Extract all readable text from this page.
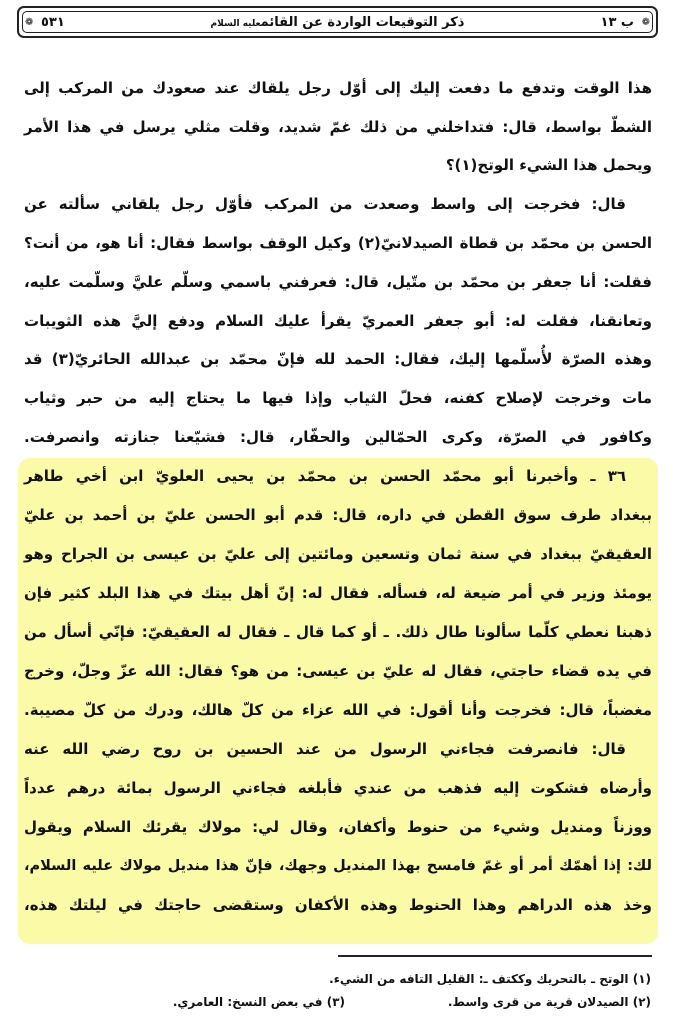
❁
❁	ب ١٣
ذكر التوقيعات الواردة عن القائمعليه السلام
٥٣١
هذا الوقت وتدفع ما دفعت إليك إلى أوّل رجل يلقاك عند صعودك من المركب إلى
الشطّ بواسط، قال: فتداخلني من ذلك غمّ شديد، وقلت مثلي يرسل في هذا الأمر
ويحمل هذا الشيء الوتح(١)؟
قال: فخرجت إلى واسط وصعدت من المركب فأوّل رجل يلقاني سألته عن
الحسن بن محمّد بن قطاة الصيدلانيّ(٢) وكيل الوقف بواسط فقال: أنا هو، من أنت؟
فقلت: أنا جعفر بن محمّد بن متّيل، قال: فعرفني باسمي وسلّم عليَّ وسلّمت عليه،
وتعانقنا، فقلت له: أبو جعفر العمريّ يقرأ عليك السلام ودفع إليَّ هذه الثويبات
وهذه الصرّة لأُسلّمها إليك، فقال: الحمد لله فإنّ محمّد بن عبدالله الحائريّ(٣) قد
مات وخرجت لإصلاح كفنه، فحلّ الثياب وإذا فيها ما يحتاج إليه من حبر وثياب
وكافور في الصرّة، وكرى الحمّالين والحفّار، قال: فشيّعنا جنازته وانصرفت.
٣٦ ـ وأخبرنا أبو محمّد الحسن بن محمّد بن يحيى العلويّ ابن أخي طاهر
ببغداد طرف سوق القطن في داره، قال: قدم أبو الحسن عليّ بن أحمد بن عليّ
العقيقيّ ببغداد في سنة ثمان وتسعين ومائتين إلى عليّ بن عيسى بن الجراح وهو
يومئذ وزير في أمر ضيعة له، فسأله. فقال له: إنّ أهل بيتك في هذا البلد كثير فإن
ذهبنا نعطي كلّما سألونا طال ذلك. ـ أو كما قال ـ فقال له العقيقيّ: فإنّي أسأل من
في يده قضاء حاجتي، فقال له عليّ بن عيسى: من هو؟ فقال: الله عزّ وجلّ، وخرج
مغضباً، قال: فخرجت وأنا أقول: في الله عزاء من كلّ هالك، ودرك من كلّ مصيبة.
قال: فانصرفت فجاءني الرسول من عند الحسين بن روح رضي الله عنه
وأرضاه فشكوت إليه فذهب من عندي فأبلغه فجاءني الرسول بمائة درهم عدداً
ووزناً ومنديل وشيء من حنوط وأكفان، وقال لي: مولاك يقرئك السلام ويقول
لك: إذا أهمّك أمر أو غمّ فامسح بهذا المنديل وجهك، فإنّ هذا منديل مولاك عليه السلام،
وخذ هذه الدراهم وهذا الحنوط وهذه الأكفان وستقضى حاجتك في ليلتك هذه،
(١) الوتح ـ بالتحريك وككتف ـ: القليل التافه من الشيء.
(٢) الصيدلان قرية من قرى واسط.
(٣) في بعض النسخ: العامري.
